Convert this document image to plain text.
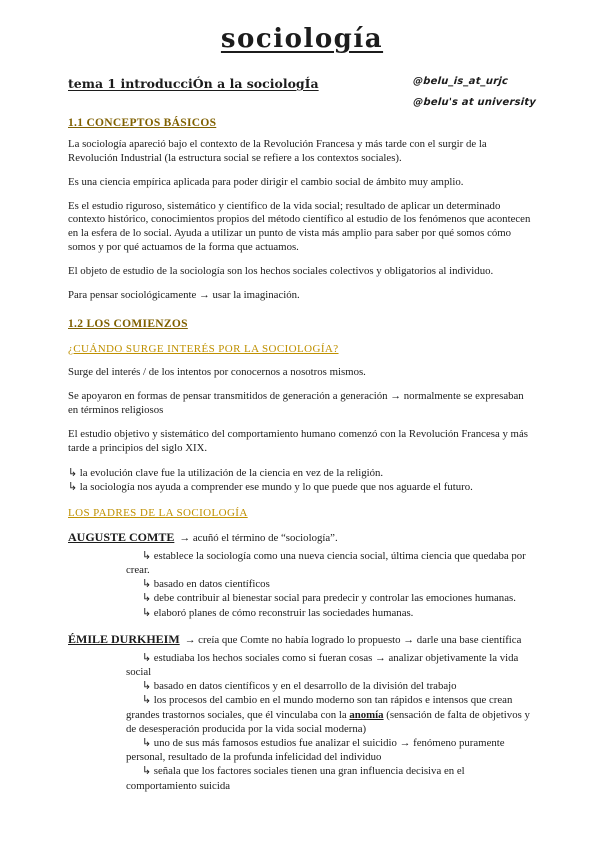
sociología
tema 1 introducciÓn a la sociologÍa	@belu_is_at_urjc
@belu's at university
1.1 CONCEPTOS BÁSICOS

La sociología apareció bajo el contexto de la Revolución Francesa y más tarde con el surgir de la Revolución Industrial (la estructura social se refiere a los contextos sociales).

Es una ciencia empírica aplicada para poder dirigir el cambio social de ámbito muy amplio.

Es el estudio riguroso, sistemático y científico de la vida social; resultado de aplicar un determinado contexto histórico, conocimientos propios del método científico al estudio de los fenómenos que acontecen en la esfera de lo social. Ayuda a utilizar un punto de vista más amplio para saber por qué somos cómo somos y por qué actuamos de la forma que actuamos.

El objeto de estudio de la sociología son los hechos sociales colectivos y obligatorios al individuo.

Para pensar sociológicamente → usar la imaginación.

1.2 LOS COMIENZOS
¿CUÁNDO SURGE INTERÉS POR LA SOCIOLOGÍA?

Surge del interés / de los intentos por conocernos a nosotros mismos.

Se apoyaron en formas de pensar transmitidos de generación a generación → normalmente se expresaban en términos religiosos

El estudio objetivo y sistemático del comportamiento humano comenzó con la Revolución Francesa y más tarde a principios del siglo XIX.

↳ la evolución clave fue la utilización de la ciencia en vez de la religión.

↳ la sociología nos ayuda a comprender ese mundo y lo que puede que nos aguarde el futuro.

LOS PADRES DE LA SOCIOLOGÍA

AUGUSTE COMTE → acuñó el término de “sociología”.

↳ establece la sociología como una nueva ciencia social, última ciencia que quedaba por crear.

↳ basado en datos científicos

↳ debe contribuir al bienestar social para predecir y controlar las emociones humanas.

↳ elaboró planes de cómo reconstruir las sociedades humanas.

ÉMILE DURKHEIM → creía que Comte no había logrado lo propuesto → darle una base científica

↳ estudiaba los hechos sociales como si fueran cosas → analizar objetivamente la vida social

↳ basado en datos científicos y en el desarrollo de la división del trabajo

↳ los procesos del cambio en el mundo moderno son tan rápidos e intensos que crean grandes trastornos sociales, que él vinculaba con la anomía (sensación de falta de objetivos y de desesperación producida por la vida social moderna)

↳ uno de sus más famosos estudios fue analizar el suicidio → fenómeno puramente personal, resultado de la profunda infelicidad del individuo

↳ señala que los factores sociales tienen una gran influencia decisiva en el comportamiento suicida
